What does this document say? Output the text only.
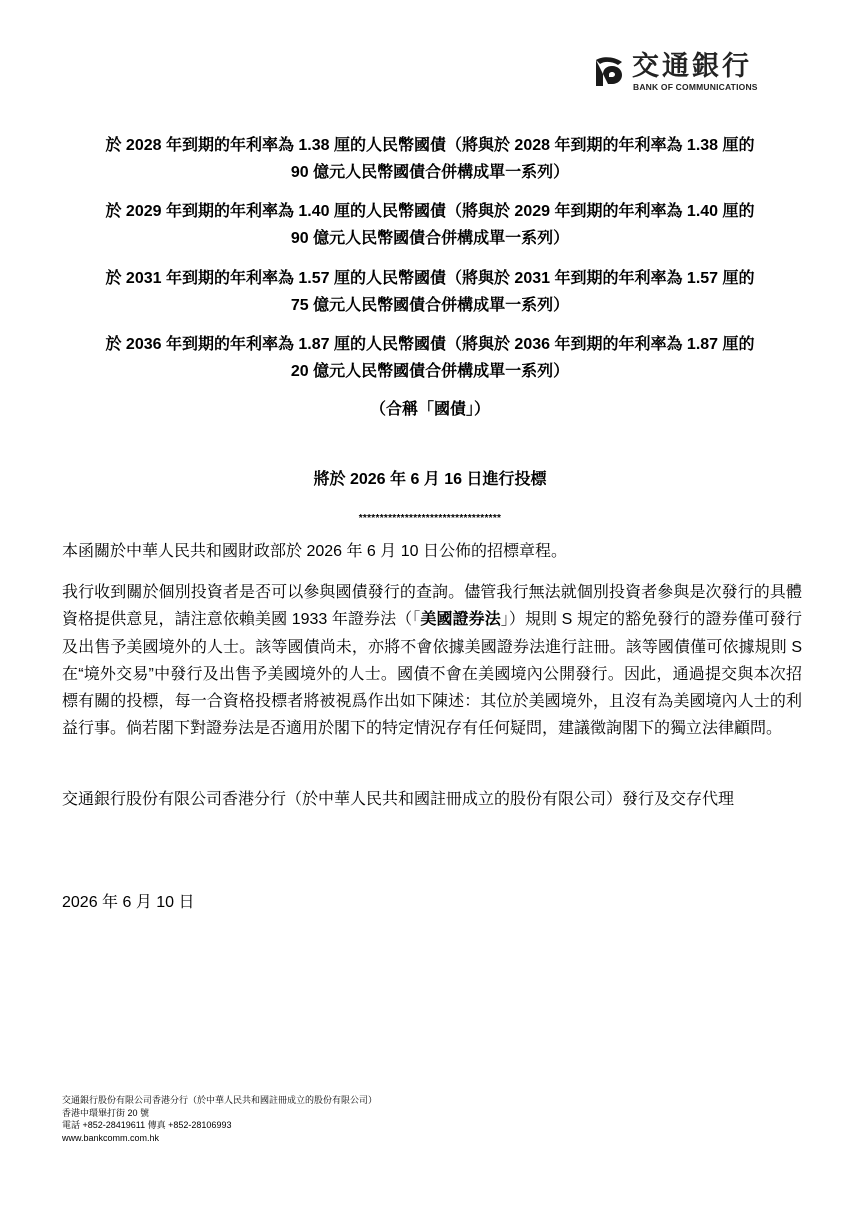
交通銀行
BANK OF COMMUNICATIONS
於 2028 年到期的年利率為 1.38 厘的人民幣國債（將與於 2028 年到期的年利率為 1.38 厘的
90 億元人民幣國債合併構成單一系列）
於 2029 年到期的年利率為 1.40 厘的人民幣國債（將與於 2029 年到期的年利率為 1.40 厘的
90 億元人民幣國債合併構成單一系列）
於 2031 年到期的年利率為 1.57 厘的人民幣國債（將與於 2031 年到期的年利率為 1.57 厘的
75 億元人民幣國債合併構成單一系列）
於 2036 年到期的年利率為 1.87 厘的人民幣國債（將與於 2036 年到期的年利率為 1.87 厘的
20 億元人民幣國債合併構成單一系列）
（合稱「國債」）
將於 2026 年 6 月 16 日進行投標
**********************************
本函關於中華人民共和國財政部於 2026 年 6 月 10 日公佈的招標章程。
我行收到關於個別投資者是否可以參與國債發行的查詢。儘管我行無法就個別投資者參與是次發行的具體資格提供意見，請注意依賴美國 1933 年證券法（「美國證券法」）規則 S 規定的豁免發行的證券僅可發行及出售予美國境外的人士。該等國債尚未，亦將不會依據美國證券法進行註冊。該等國債僅可依據規則 S 在“境外交易”中發行及出售予美國境外的人士。國債不會在美國境內公開發行。因此，通過提交與本次招標有關的投標，每一合資格投標者將被視爲作出如下陳述：其位於美國境外，且沒有為美國境內人士的利益行事。倘若閣下對證券法是否適用於閣下的特定情況存有任何疑問，建議徵詢閣下的獨立法律顧問。
交通銀行股份有限公司香港分行（於中華人民共和國註冊成立的股份有限公司）發行及交存代理
2026 年 6 月 10 日
交通銀行股份有限公司香港分行（於中華人民共和國註冊成立的股份有限公司）
香港中環畢打街 20 號
電話 +852-28419611 傳真 +852-28106993
www.bankcomm.com.hk
